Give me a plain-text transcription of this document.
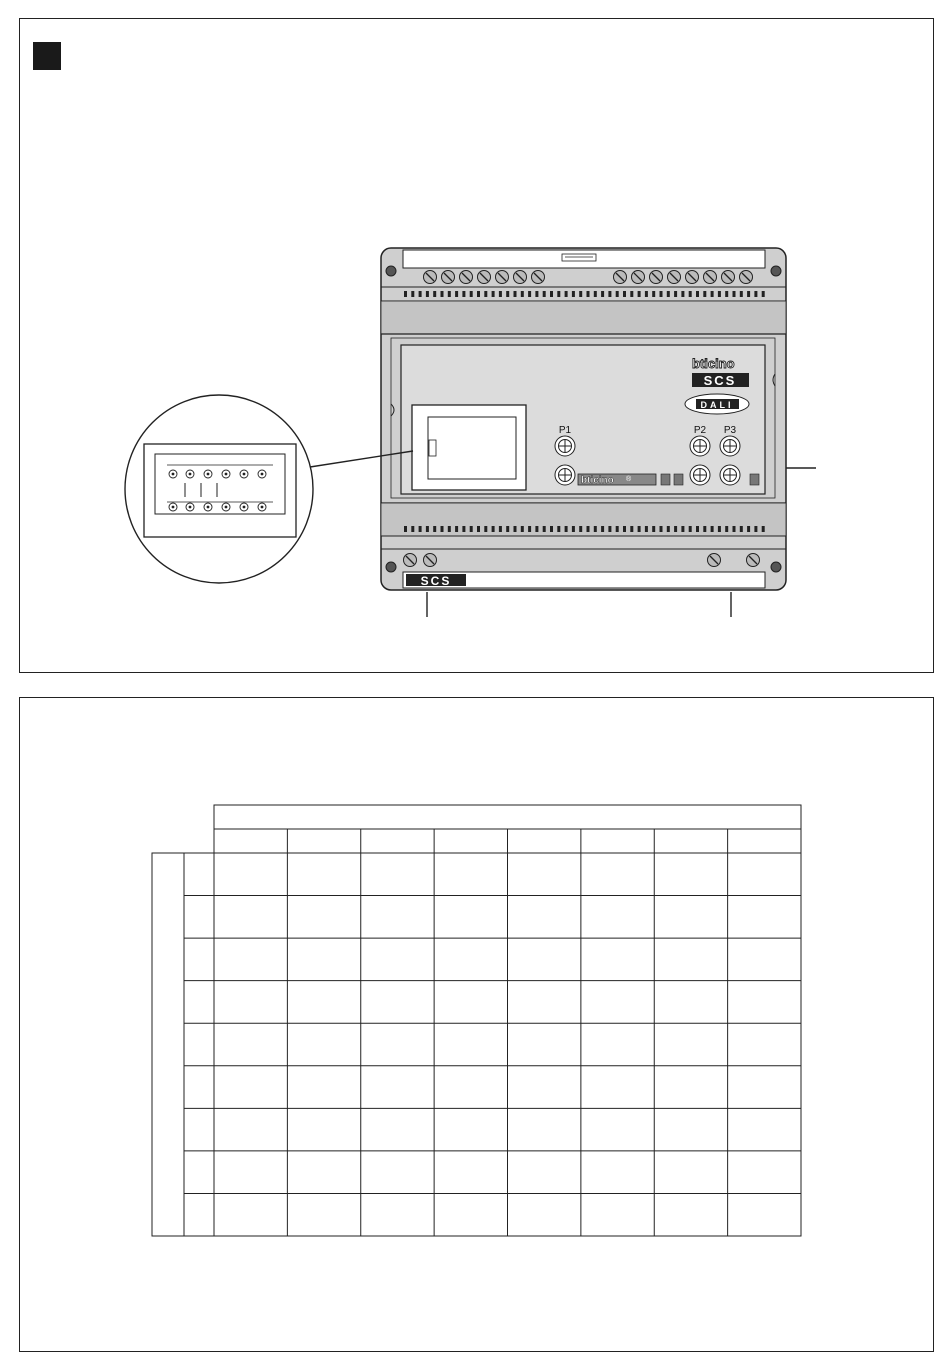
bticino
SCS
DALI
P1	P2 P3
bticino ®
SCS
